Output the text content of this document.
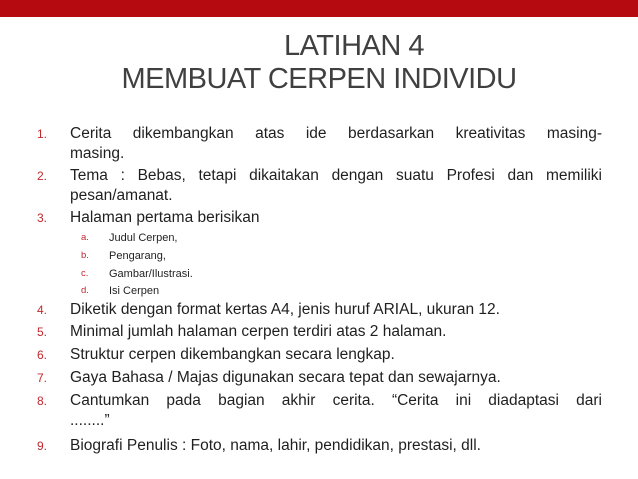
LATIHAN 4
MEMBUAT CERPEN INDIVIDU
1. Cerita dikembangkan atas ide berdasarkan kreativitas masing-
masing.
2. Tema : Bebas, tetapi dikaitakan dengan suatu Profesi dan memiliki
pesan/amanat.
3. Halaman pertama berisikan
a. Judul Cerpen,
b. Pengarang,
c. Gambar/Ilustrasi.
d. Isi Cerpen
4. Diketik dengan format kertas A4, jenis huruf ARIAL, ukuran 12.
5. Minimal jumlah halaman cerpen terdiri atas 2 halaman.
6. Struktur cerpen dikembangkan secara lengkap.
7. Gaya Bahasa / Majas digunakan secara tepat dan sewajarnya.
8. Cantumkan pada bagian akhir cerita. “Cerita ini diadaptasi dari
........”
9. Biografi Penulis : Foto, nama, lahir, pendidikan, prestasi, dll.
